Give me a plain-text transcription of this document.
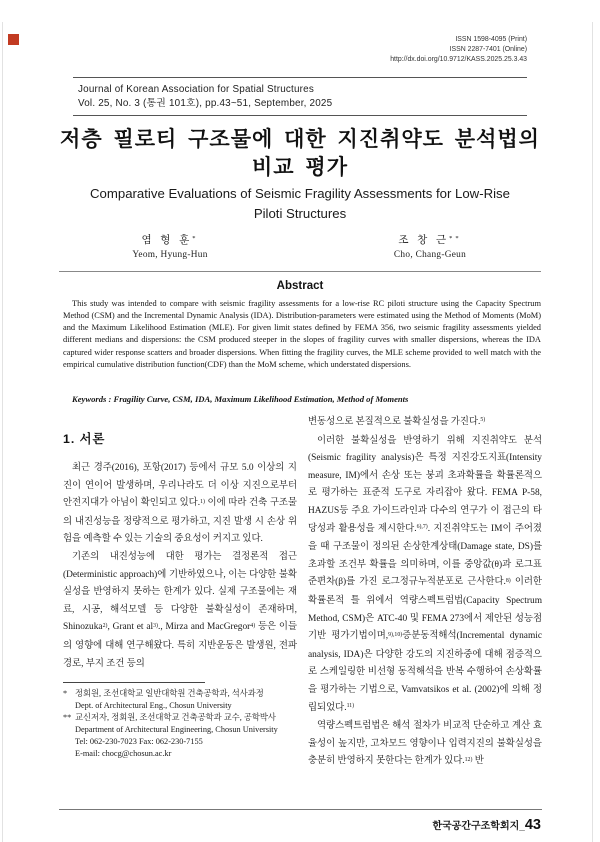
ISSN 1598-4095 (Print)
ISSN 2287-7401 (Online)
http://dx.doi.org/10.9712/KASS.2025.25.3.43
Journal of Korean Association for Spatial Structures
Vol. 25, No. 3 (통권 101호), pp.43~51, September, 2025
저층 필로티 구조물에 대한 지진취약도 분석법의
비교 평가
Comparative Evaluations of Seismic Fragility Assessments for Low-Rise
Piloti Structures
염 형 훈*
Yeom, Hyung-Hun
조 창 근**
Cho, Chang-Geun
Abstract
This study was intended to compare with seismic fragility assessments for a low-rise RC piloti structure using the Capacity Spectrum Method (CSM) and the Incremental Dynamic Analysis (IDA). Distribution-parameters were estimated using the Method of Moments (MoM) and the Maximum Likelihood Estimation (MLE). For given limit states defined by FEMA 356, two seismic fragility assessments yielded different medians and dispersions: the CSM produced steeper in the slopes of fragility curves with smaller dispersions, whereas the IDA captured wider response scatters and broader dispersions. When fitting the fragility curves, the MLE scheme provided to well match with the empirical cumulative distribution function(CDF) than the MoM scheme, which understated dispersions.
Keywords : Fragility Curve, CSM, IDA, Maximum Likelihood Estimation, Method of Moments
1. 서론

최근 경주(2016), 포항(2017) 등에서 규모 5.0 이상의 지진이 연이어 발생하며, 우리나라도 더 이상 지진으로부터 안전지대가 아님이 확인되고 있다.$^{1)}$ 이에 따라 건축 구조물의 내진성능을 정량적으로 평가하고, 지진 발생 시 손상 위험을 예측할 수 있는 기술의 중요성이 커지고 있다.

기존의 내진성능에 대한 평가는 결정론적 접근(Deterministic approach)에 기반하였으나, 이는 다양한 불확실성을 반영하지 못하는 한계가 있다. 실제 구조물에는 재료, 시공, 해석모델 등 다양한 불확실성이 존재하며, Shinozuka$^{2)}$, Grant et $al^{3)}$., Mirza and MacGregor$^{4)}$ 등은 이들의 영향에 대해 연구해왔다. 특히 지반운동은 발생원, 전파경로, 부지 조건 등의

변동성으로 본질적으로 불확실성을 가진다.$^{5)}$

이러한 불확실성을 반영하기 위해 지진취약도 분석(Seismic fragility analysis)은 특정 지진강도지표(Intensity measure, IM)에서 손상 또는 붕괴 초과확률을 확률론적으로 평가하는 표준적 도구로 자리잡아 왔다. FEMA P-58, HAZUS등 주요 가이드라인과 다수의 연구가 이 접근의 타당성과 활용성을 제시한다.$^{6),7)}$. 지진취약도는 IM이 주어졌을 때 구조물이 정의된 손상한계상태(Damage state, DS)를 초과할 조건부 확률을 의미하며, 이를 중앙값(θ)과 로그표준편차(β)를 가진 로그정규누적분포로 근사한다.$^{8)}$ 이러한 확률론적 틀 위에서 역량스펙트럼법(Capacity Spectrum Method, CSM)은 ATC-40 및 FEMA 273에서 제안된 성능점 기반 평가기법이며,$^{9),10)}$증분동적해석(Incremental dynamic analysis, IDA)은 다양한 강도의 지진하중에 대해 점증적으로 스케일링한 비선형 동적해석을 반복 수행하여 손상확률을 평가하는 기법으로, Vamvatsikos et al. (2002)에 의해 정립되었다.$^{11)}$

역량스펙트럼법은 해석 절차가 비교적 단순하고 계산 효율성이 높지만, 고차모드 영향이나 입력지진의 불확실성을 충분히 반영하지 못한다는 한계가 있다.$^{12)}$ 반

* 정회원, 조선대학교 일반대학원 건축공학과, 석사과정
Dept. of Architectural Eng., Chosun University
** 교신저자, 정회원, 조선대학교 건축공학과 교수, 공학박사
Department of Architectural Engineering, Chosun University
Tel: 062-230-7023 Fax: 062-230-7155
E-mail: chocg@chosun.ac.kr
한국공간구조학회지_43
